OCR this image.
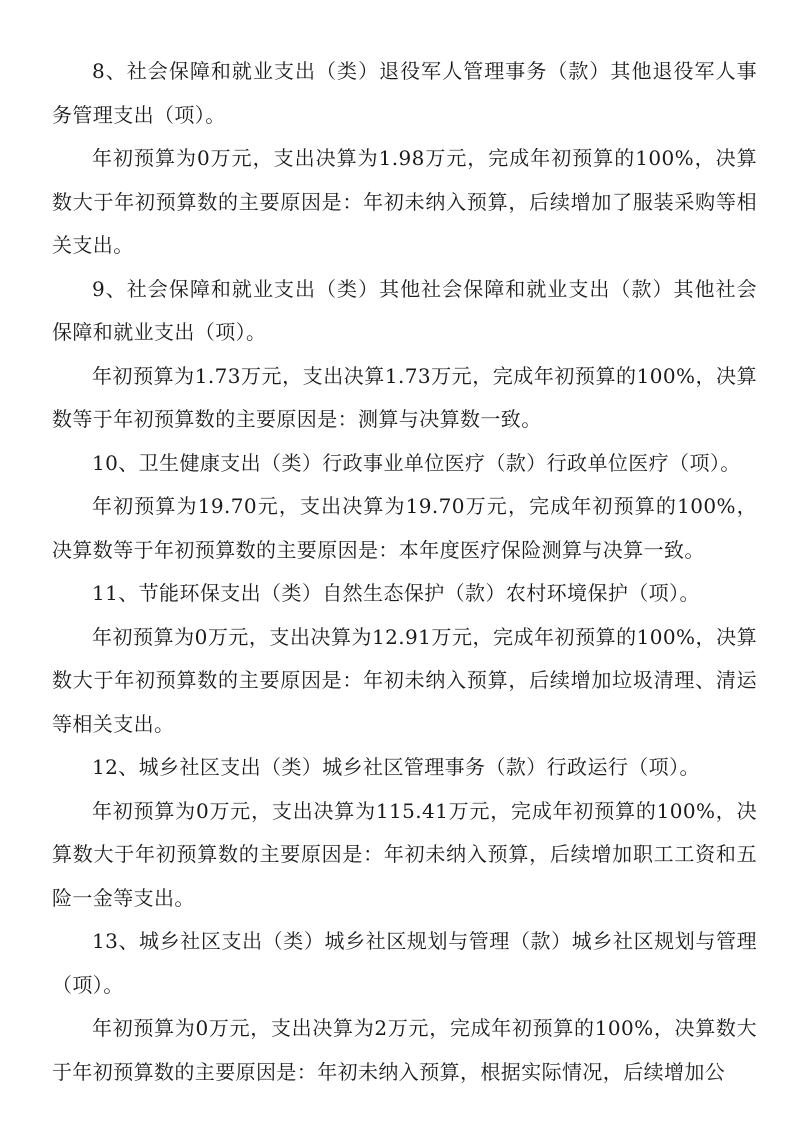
8、社会保障和就业支出（类）退役军人管理事务（款）其他退役军人事务管理支出（项）。

年初预算为0万元，支出决算为1.98万元，完成年初预算的100%，决算数大于年初预算数的主要原因是：年初未纳入预算，后续增加了服装采购等相关支出。

9、社会保障和就业支出（类）其他社会保障和就业支出（款）其他社会保障和就业支出（项）。

年初预算为1.73万元，支出决算1.73万元，完成年初预算的100%，决算数等于年初预算数的主要原因是：测算与决算数一致。

10、卫生健康支出（类）行政事业单位医疗（款）行政单位医疗（项）。

年初预算为19.70元，支出决算为19.70万元，完成年初预算的100%，决算数等于年初预算数的主要原因是：本年度医疗保险测算与决算一致。

11、节能环保支出（类）自然生态保护（款）农村环境保护（项）。

年初预算为0万元，支出决算为12.91万元，完成年初预算的100%，决算数大于年初预算数的主要原因是：年初未纳入预算，后续增加垃圾清理、清运等相关支出。

12、城乡社区支出（类）城乡社区管理事务（款）行政运行（项）。

年初预算为0万元，支出决算为115.41万元，完成年初预算的100%，决算数大于年初预算数的主要原因是：年初未纳入预算，后续增加职工工资和五险一金等支出。

13、城乡社区支出（类）城乡社区规划与管理（款）城乡社区规划与管理（项）。

年初预算为0万元，支出决算为2万元，完成年初预算的100%，决算数大于年初预算数的主要原因是：年初未纳入预算，根据实际情况，后续增加公
